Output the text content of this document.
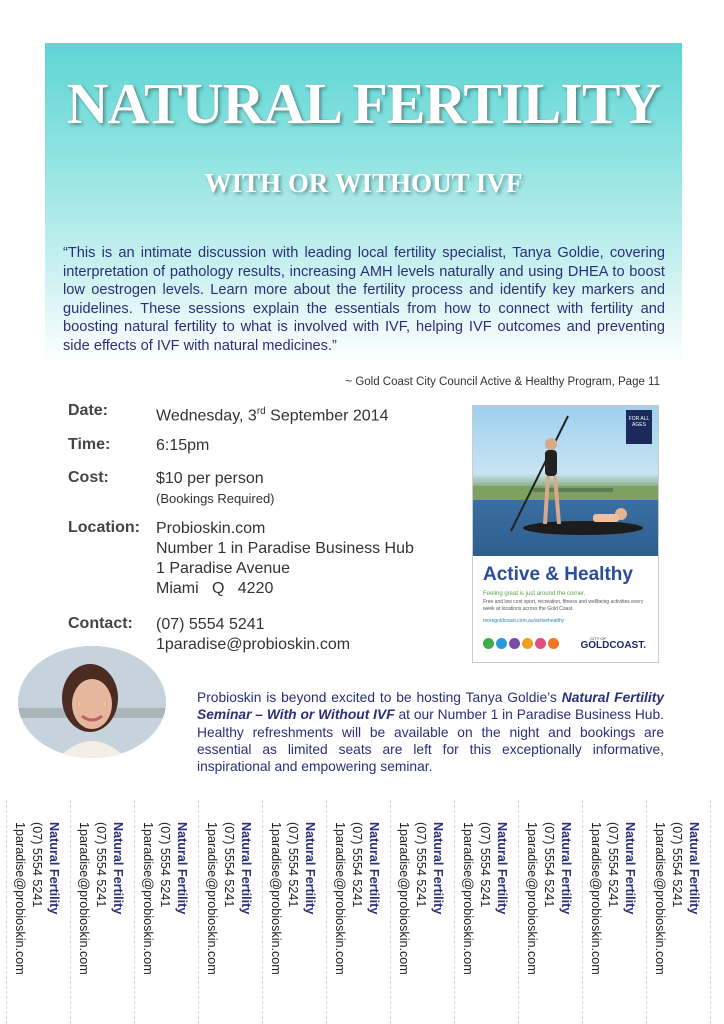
NATURAL FERTILITY
WITH OR WITHOUT IVF
“This is an intimate discussion with leading local fertility specialist, Tanya Goldie, covering interpretation of pathology results, increasing AMH levels naturally and using DHEA to boost low oestrogen levels. Learn more about the fertility process and identify key markers and guidelines. These sessions explain the essentials from how to connect with fertility and boosting natural fertility to what is involved with IVF, helping IVF outcomes and preventing side effects of IVF with natural medicines.”
~ Gold Coast City Council Active & Healthy Program, Page 11
Date:	Wednesday, 3rd September 2014
Time:	6:15pm
Cost:	$10 per person
(Bookings Required)
Location: Probioskin.com
Number 1 in Paradise Business Hub
1 Paradise Avenue
Miami   Q   4220
Contact: (07) 5554 5241
1paradise@probioskin.com
FOR ALL AGES
Active & Healthy
Feeling great is just around the corner.
Free and low cost sport, recreation, fitness and wellbeing activities every week at locations across the Gold Coast.
moregoldcoast.com.au/activehealthy
CITY OF
GOLDCOAST.
Probioskin is beyond excited to be hosting Tanya Goldie’s Natural Fertility Seminar – With or Without IVF at our Number 1 in Paradise Business Hub. Healthy refreshments will be available on the night and bookings are essential as limited seats are left for this exceptionally informative, inspirational and empowering seminar.
Natural Fertility
(07) 5554 5241
1paradise@probioskin.com	Natural Fertility
(07) 5554 5241
1paradise@probioskin.com	Natural Fertility
(07) 5554 5241
1paradise@probioskin.com	Natural Fertility
(07) 5554 5241
1paradise@probioskin.com	Natural Fertility
(07) 5554 5241
1paradise@probioskin.com	Natural Fertility
(07) 5554 5241
1paradise@probioskin.com	Natural Fertility
(07) 5554 5241
1paradise@probioskin.com	Natural Fertility
(07) 5554 5241
1paradise@probioskin.com	Natural Fertility
(07) 5554 5241
1paradise@probioskin.com	Natural Fertility
(07) 5554 5241
1paradise@probioskin.com	Natural Fertility
(07) 5554 5241
1paradise@probioskin.com
